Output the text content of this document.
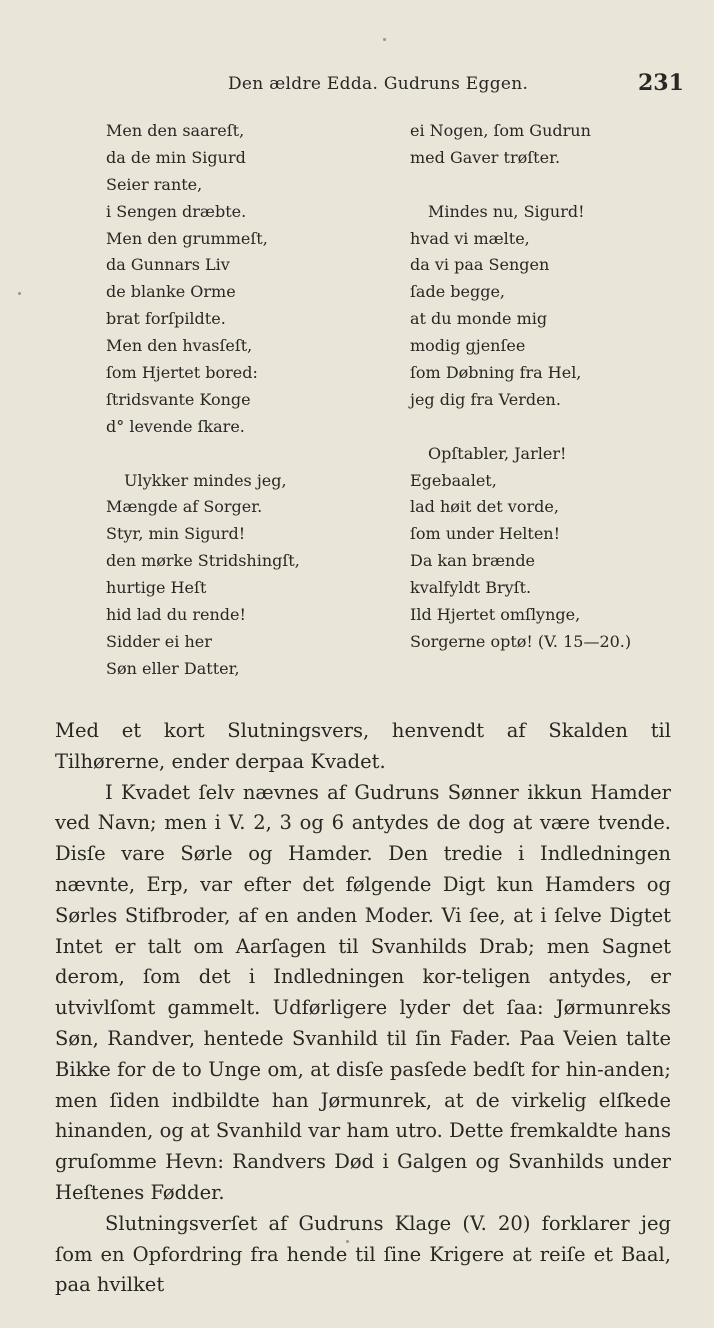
Den ældre Edda. Gudruns Eggen.	231
Men den saareſt,
da de min Sigurd
Seier rante,
i Sengen dræbte.
Men den grummeſt,
da Gunnars Liv
de blanke Orme
brat forſpildte.
Men den hvasſeſt,
ſom Hjertet bored:
ſtridsvante Konge
d° levende ſkare.
Ulykker mindes jeg,
Mængde af Sorger.
Styr, min Sigurd!
den mørke Stridshingſt,
hurtige Heſt
hid lad du rende!
Sidder ei her
Søn eller Datter,
ei Nogen, ſom Gudrun
med Gaver trøſter.
Mindes nu, Sigurd!
hvad vi mælte,
da vi paa Sengen
ſade begge,
at du monde mig
modig gjenſee
ſom Døbning fra Hel,
jeg dig fra Verden.
Opſtabler, Jarler!
Egebaalet,
lad høit det vorde,
ſom under Helten!
Da kan brænde
kvalfyldt Bryſt.
Ild Hjertet omſlynge,
Sorgerne optø! (V. 15—20.)

Med et kort Slutningsvers, henvendt af Skalden til Tilhørerne, ender derpaa Kvadet.

I Kvadet ſelv nævnes af Gudruns Sønner ikkun Hamder ved Navn; men i V. 2, 3 og 6 antydes de dog at være tvende. Disſe vare Sørle og Hamder. Den tredie i Indledningen nævnte, Erp, var efter det følgende Digt kun Hamders og Sørles Stifbroder, af en anden Moder. Vi ſee, at i ſelve Digtet Intet er talt om Aarſagen til Svanhilds Drab; men Sagnet derom, ſom det i Indledningen kor-teligen antydes, er utvivlſomt gammelt. Udførligere lyder det ſaa: Jørmunreks Søn, Randver, hentede Svanhild til ſin Fader. Paa Veien talte Bikke for de to Unge om, at disſe pasſede bedſt for hin-anden; men ſiden indbildte han Jørmunrek, at de virkelig elſkede hinanden, og at Svanhild var ham utro. Dette fremkaldte hans gruſomme Hevn: Randvers Død i Galgen og Svanhilds under Heſtenes Fødder.

Slutningsverſet af Gudruns Klage (V. 20) forklarer jeg ſom en Opfordring fra hende til ſine Krigere at reiſe et Baal, paa hvilket
